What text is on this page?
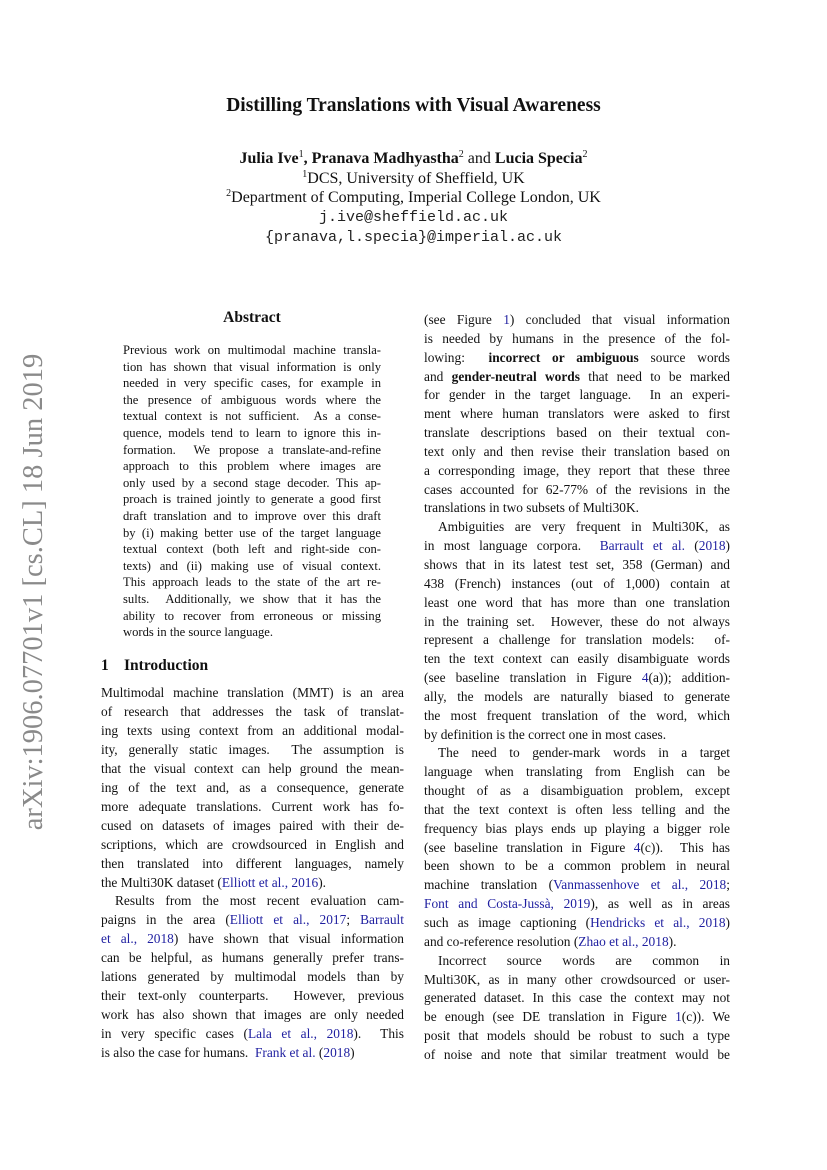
arXiv:1906.07701v1 [cs.CL] 18 Jun 2019
Distilling Translations with Visual Awareness
Julia Ive$^1$, Pranava Madhyastha$^2$ and Lucia Specia$^2$
$^1$DCS, University of Sheffield, UK
$^2$Department of Computing, Imperial College London, UK
j.ive@sheffield.ac.uk
{pranava,l.specia}@imperial.ac.uk
Abstract
Previous work on multimodal machine transla-
tion has shown that visual information is only
needed in very specific cases, for example in
the presence of ambiguous words where the
textual context is not sufficient.  As a conse-
quence, models tend to learn to ignore this in-
formation.  We propose a translate-and-refine
approach to this problem where images are
only used by a second stage decoder. This ap-
proach is trained jointly to generate a good first
draft translation and to improve over this draft
by (i) making better use of the target language
textual context (both left and right-side con-
texts) and (ii) making use of visual context.
This approach leads to the state of the art re-
sults.  Additionally, we show that it has the
ability to recover from erroneous or missing
words in the source language.
1 Introduction
Multimodal machine translation (MMT) is an area
of research that addresses the task of translat-
ing texts using context from an additional modal-
ity, generally static images.  The assumption is
that the visual context can help ground the mean-
ing of the text and, as a consequence, generate
more adequate translations. Current work has fo-
cused on datasets of images paired with their de-
scriptions, which are crowdsourced in English and
then translated into different languages, namely
the Multi30K dataset (Elliott et al., 2016).
Results from the most recent evaluation cam-
paigns in the area (Elliott et al., 2017; Barrault
et al., 2018) have shown that visual information
can be helpful, as humans generally prefer trans-
lations generated by multimodal models than by
their text-only counterparts.  However, previous
work has also shown that images are only needed
in very specific cases (Lala et al., 2018).  This
is also the case for humans.  Frank et al. (2018)
(see Figure 1) concluded that visual information
is needed by humans in the presence of the fol-
lowing:  incorrect or ambiguous source words
and gender-neutral words that need to be marked
for gender in the target language.  In an experi-
ment where human translators were asked to first
translate descriptions based on their textual con-
text only and then revise their translation based on
a corresponding image, they report that these three
cases accounted for 62-77% of the revisions in the
translations in two subsets of Multi30K.
Ambiguities are very frequent in Multi30K, as
in most language corpora.  Barrault et al. (2018)
shows that in its latest test set, 358 (German) and
438 (French) instances (out of 1,000) contain at
least one word that has more than one translation
in the training set.  However, these do not always
represent a challenge for translation models:  of-
ten the text context can easily disambiguate words
(see baseline translation in Figure 4(a)); addition-
ally, the models are naturally biased to generate
the most frequent translation of the word, which
by definition is the correct one in most cases.
The need to gender-mark words in a target
language when translating from English can be
thought of as a disambiguation problem, except
that the text context is often less telling and the
frequency bias plays ends up playing a bigger role
(see baseline translation in Figure 4(c)).  This has
been shown to be a common problem in neural
machine translation (Vanmassenhove et al., 2018;
Font and Costa-Jussà, 2019), as well as in areas
such as image captioning (Hendricks et al., 2018)
and co-reference resolution (Zhao et al., 2018).
Incorrect source words are common in
Multi30K, as in many other crowdsourced or user-
generated dataset. In this case the context may not
be enough (see DE translation in Figure 1(c)). We
posit that models should be robust to such a type
of noise and note that similar treatment would be
